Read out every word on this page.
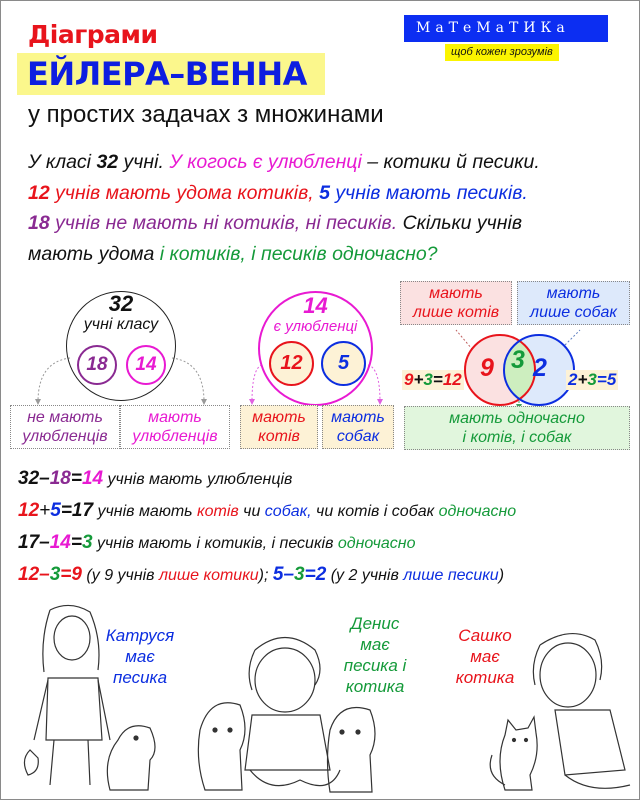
Діаграми
ЕЙЛЕРА–ВЕННА
у простих задачах з множинами
МаТеМаТИКа
щоб кожен зрозумів
У класі 32 учні. У когось є улюбленці – котики й песики.
12 учнів мають удома котиків, 5 учнів мають песиків.
18 учнів не мають ні котиків, ні песиків. Скільки учнів
мають удома і котиків, і песиків одночасно?
32
учні класу
18 14
не мають
улюбленців
мають
улюбленців
14
є улюбленці
12 5
мають
котів
мають
собак
мають
лише котів
мають
лише собак
9 3 2
9+3=12	2+3=5
мають одночасно
і котів, і собак
32–18=14 учнів мають улюбленців
12+5=17 учнів мають котів чи собак, чи котів і собак одночасно
17–14=3 учнів мають і котиків, і песиків одночасно
12–3=9 (у 9 учнів лише котики); 5–3=2 (у 2 учнів лише песики)
Катруся
має
песика
Денис
має
песика і
котика
Сашко
має
котика
